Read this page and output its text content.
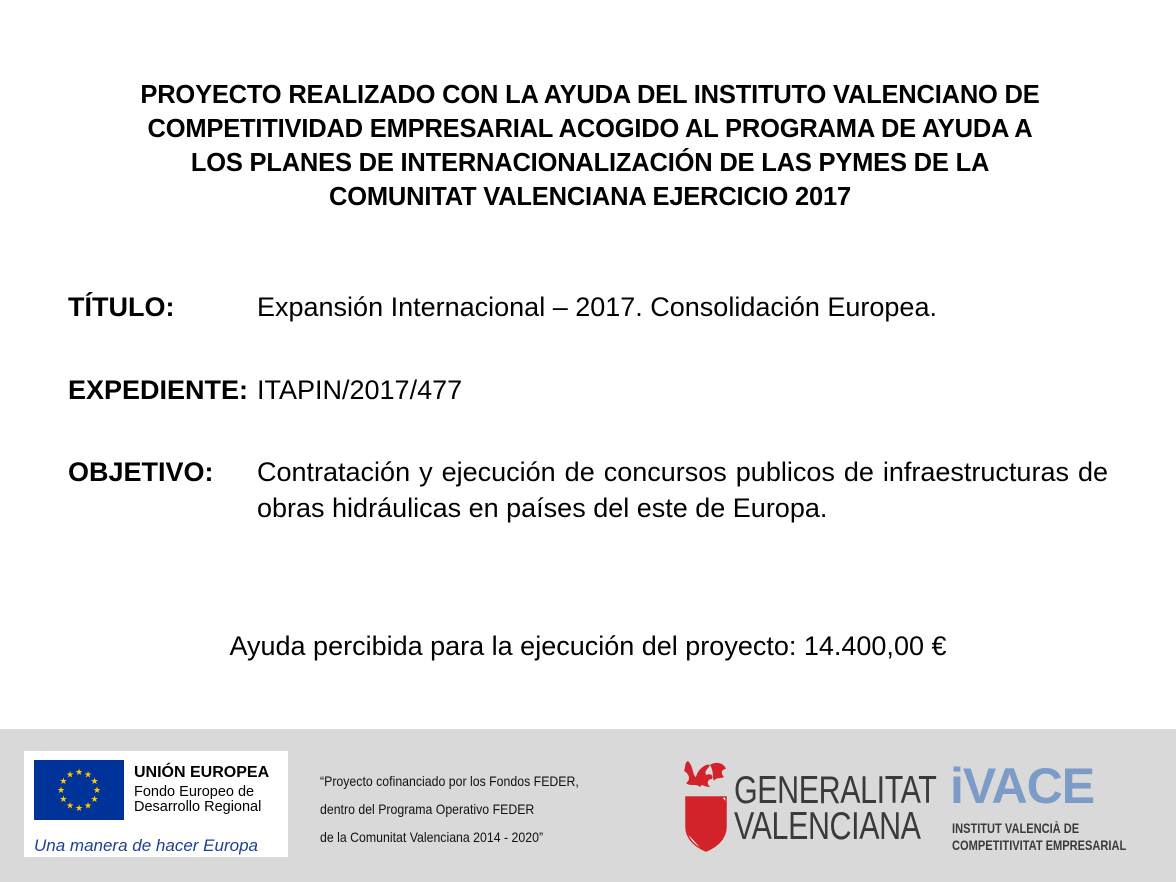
PROYECTO REALIZADO CON LA AYUDA DEL INSTITUTO VALENCIANO DE
COMPETITIVIDAD EMPRESARIAL ACOGIDO AL PROGRAMA DE AYUDA A
LOS PLANES DE INTERNACIONALIZACIÓN DE LAS PYMES DE LA
COMUNITAT VALENCIANA EJERCICIO 2017
TÍTULO:	Expansión Internacional – 2017. Consolidación Europea.
EXPEDIENTE: ITAPIN/2017/477
OBJETIVO: Contratación y ejecución de concursos publicos de infraestructuras de obras hidráulicas en países del este de Europa.
Ayuda percibida para la ejecución del proyecto: 14.400,00 €
★ ★
★
★
★
★
★
★
★
★
★
★	UNIÓN EUROPEA
Fondo Europeo de
Desarrollo Regional
Una manera de hacer Europa
“Proyecto cofinanciado por los Fondos FEDER,
dentro del Programa Operativo FEDER
de la Comunitat Valenciana 2014 - 2020”
GENERALITAT
VALENCIANA
iVACE
INSTITUT VALENCIÀ DE
COMPETITIVITAT EMPRESARIAL
